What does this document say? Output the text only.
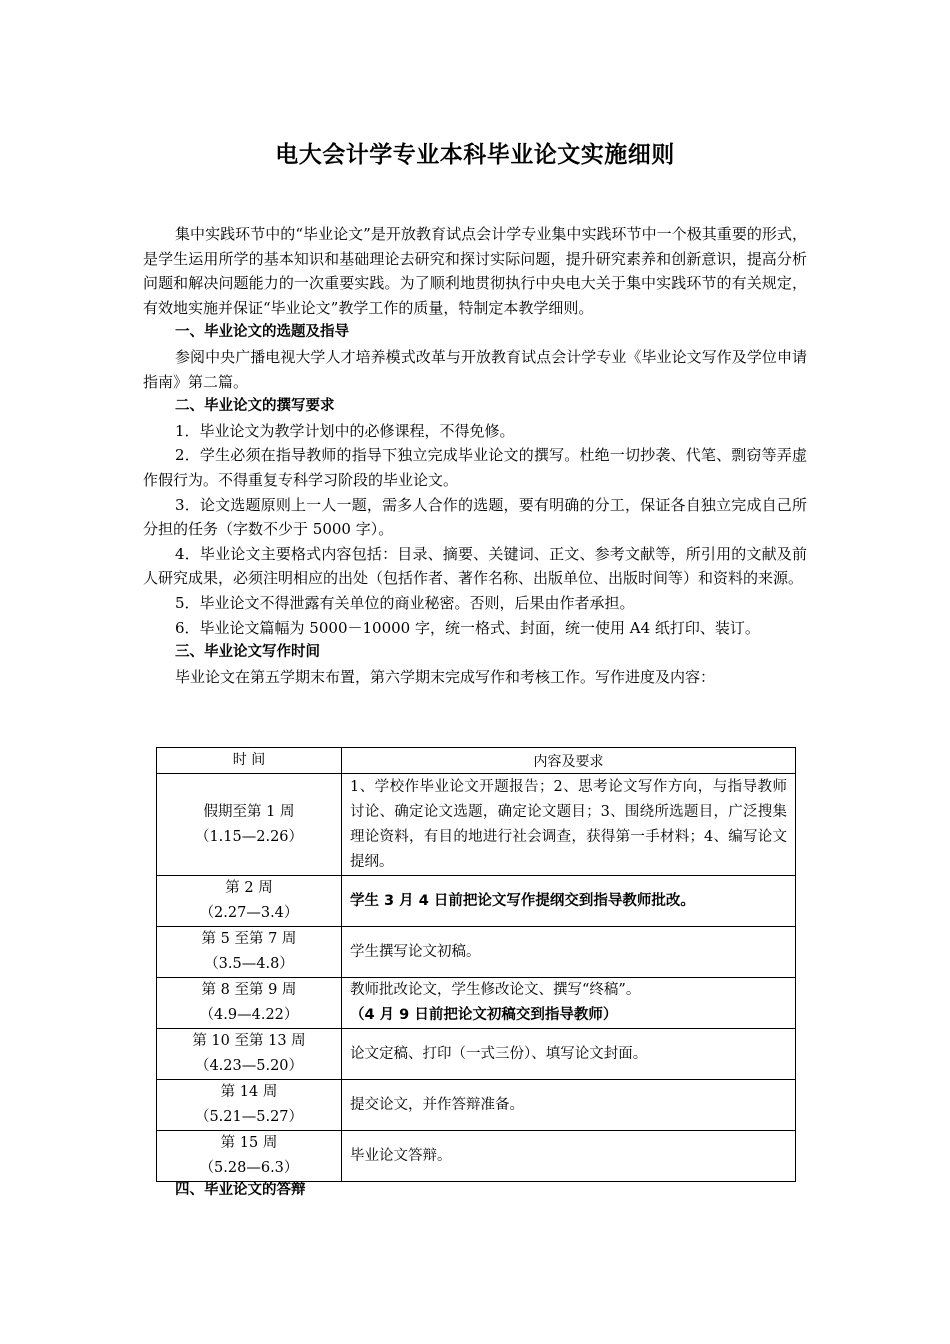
电大会计学专业本科毕业论文实施细则

集中实践环节中的“毕业论文”是开放教育试点会计学专业集中实践环节中一个极其重要的形式，是学生运用所学的基本知识和基础理论去研究和探讨实际问题，提升研究素养和创新意识，提高分析问题和解决问题能力的一次重要实践。为了顺利地贯彻执行中央电大关于集中实践环节的有关规定，有效地实施并保证“毕业论文”教学工作的质量，特制定本教学细则。

一、毕业论文的选题及指导

参阅中央广播电视大学人才培养模式改革与开放教育试点会计学专业《毕业论文写作及学位申请指南》第二篇。

二、毕业论文的撰写要求

1．毕业论文为教学计划中的必修课程，不得免修。

2．学生必须在指导教师的指导下独立完成毕业论文的撰写。杜绝一切抄袭、代笔、剽窃等弄虚作假行为。不得重复专科学习阶段的毕业论文。

3．论文选题原则上一人一题，需多人合作的选题，要有明确的分工，保证各自独立完成自己所分担的任务（字数不少于 5000 字）。

4．毕业论文主要格式内容包括：目录、摘要、关键词、正文、参考文献等，所引用的文献及前人研究成果，必须注明相应的出处（包括作者、著作名称、出版单位、出版时间等）和资料的来源。

5．毕业论文不得泄露有关单位的商业秘密。否则，后果由作者承担。

6．毕业论文篇幅为 5000－10000 字，统一格式、封面，统一使用 A4 纸打印、装订。

三、毕业论文写作时间

毕业论文在第五学期末布置，第六学期末完成写作和考核工作。写作进度及内容：

时 间	内容及要求

假期至第 1 周
（1.15—2.26）	1、学校作毕业论文开题报告；2、思考论文写作方向，与指导教师讨论、确定论文选题，确定论文题目；3、围绕所选题目，广泛搜集理论资料，有目的地进行社会调查，获得第一手材料；4、编写论文提纲。

第 2 周
（2.27—3.4）	学生 3 月 4 日前把论文写作提纲交到指导教师批改。

第 5 至第 7 周
（3.5—4.8）	学生撰写论文初稿。

第 8 至第 9 周
（4.9—4.22）	教师批改论文，学生修改论文、撰写“终稿”。
（4 月 9 日前把论文初稿交到指导教师）

第 10 至第 13 周
（4.23—5.20）	论文定稿、打印（一式三份）、填写论文封面。

第 14 周
（5.21—5.27）	提交论文，并作答辩准备。

第 15 周
（5.28—6.3）	毕业论文答辩。

四、毕业论文的答辩
